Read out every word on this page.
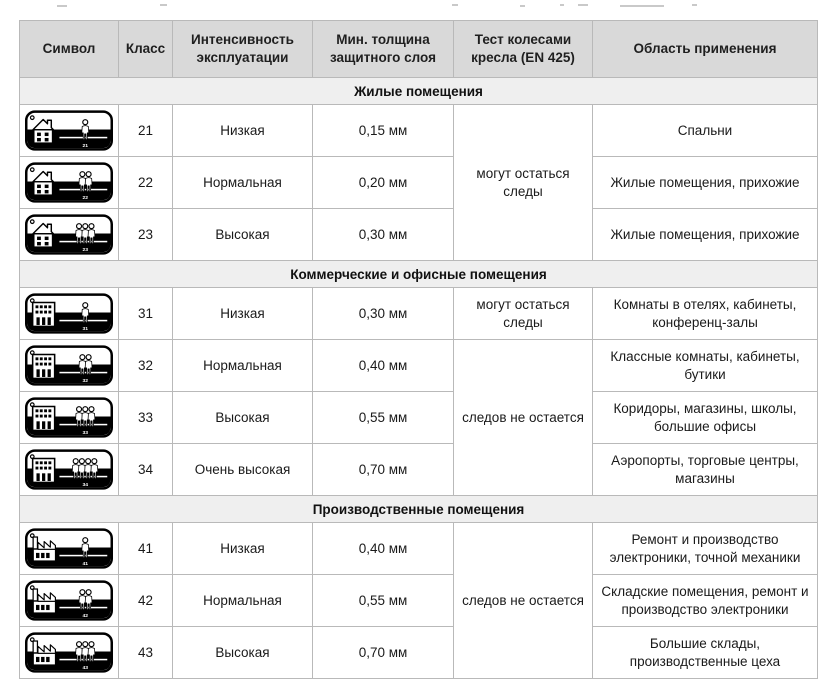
Символ	Класс	Интенсивность эксплуатации	Мин. толщина защитного слоя	Тест колесами кресла (EN 425)	Область применения
Жилые помещения					

21	21	Низкая	0,15 мм	могут остаться следы	Спальни

22	22	Нормальная	0,20 мм		Жилые помещения, прихожие

23	23	Высокая	0,30 мм		Жилые помещения, прихожие
Коммерческие и офисные помещения					

31	31	Низкая	0,30 мм	могут остаться следы	Комнаты в отелях, кабинеты, конференц-залы

32	32	Нормальная	0,40 мм	следов не остается	Классные комнаты, кабинеты, бутики

33	33	Высокая	0,55 мм		Коридоры, магазины, школы, большие офисы

34	34	Очень высокая	0,70 мм		Аэропорты, торговые центры, магазины
Производственные помещения					

41	41	Низкая	0,40 мм	следов не остается	Ремонт и производство электроники, точной механики

42	42	Нормальная	0,55 мм		Складские помещения, ремонт и производство электроники

43	43	Высокая	0,70 мм		Большие склады, производственные цеха
